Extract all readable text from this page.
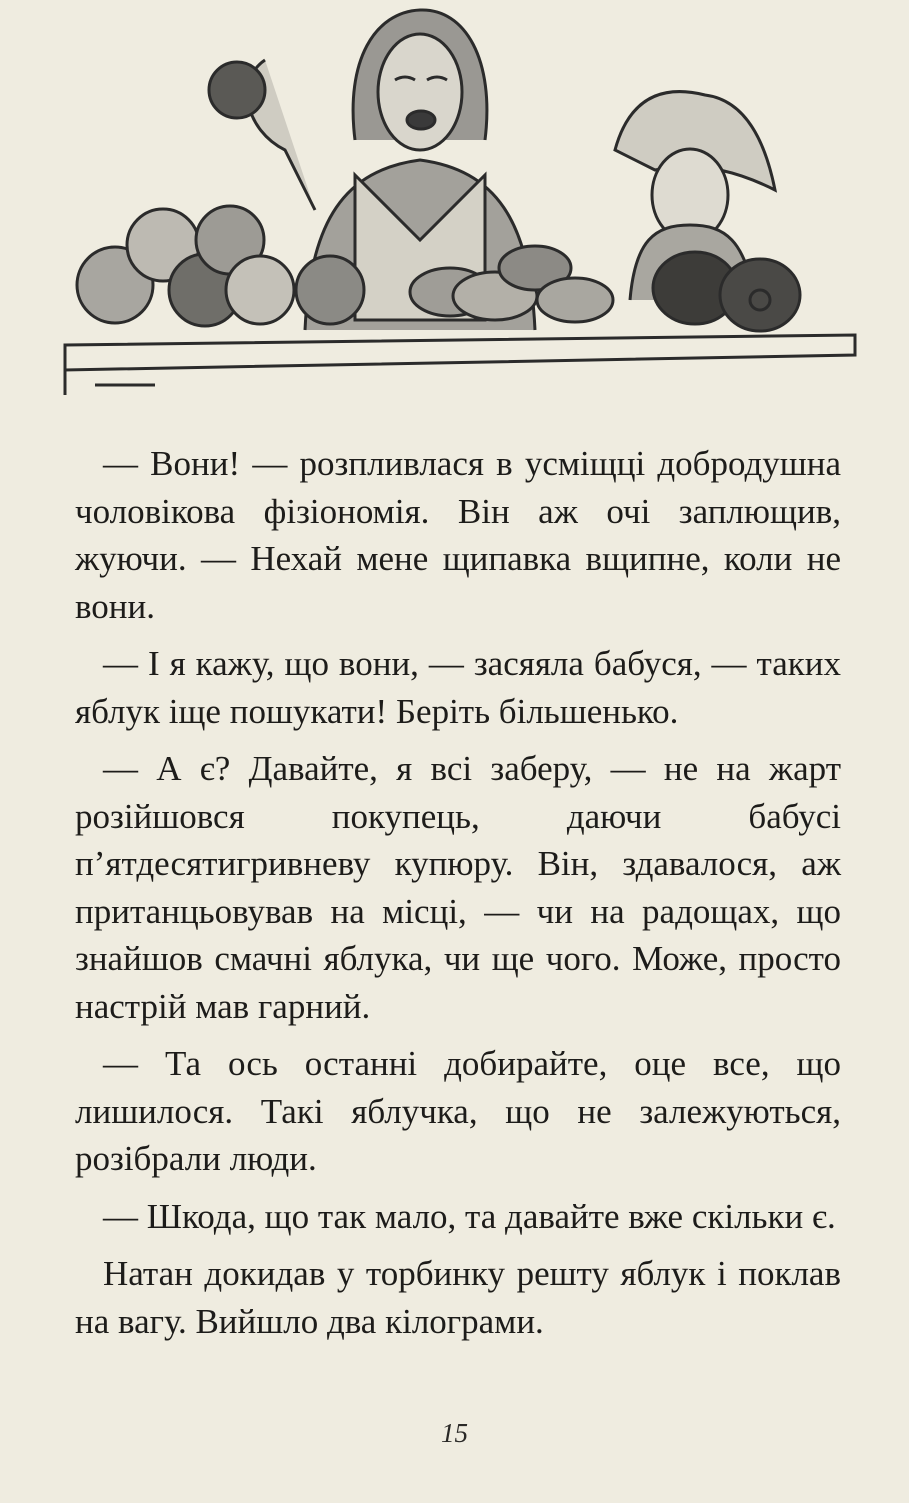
— Вони! — розпливлася в усміщці добродушна чоловікова фізіономія. Він аж очі заплющив, жуючи. — Нехай мене щипавка вщипне, коли не вони.

— І я кажу, що вони, — засяяла бабуся, — таких яблук іще пошукати! Беріть більшенько.

— А є? Давайте, я всі заберу, — не на жарт розійшовся покупець, даючи бабусі п’ятдесятигривневу купюру. Він, здавалося, аж пританцьовував на місці, — чи на радощах, що знайшов смачні яблука, чи ще чого. Може, просто настрій мав гарний.

— Та ось останні добирайте, оце все, що лишилося. Такі яблучка, що не залежуються, розібрали люди.

— Шкода, що так мало, та давайте вже скільки є.

Натан докидав у торбинку решту яблук і поклав на вагу. Вийшло два кілограми.

15
